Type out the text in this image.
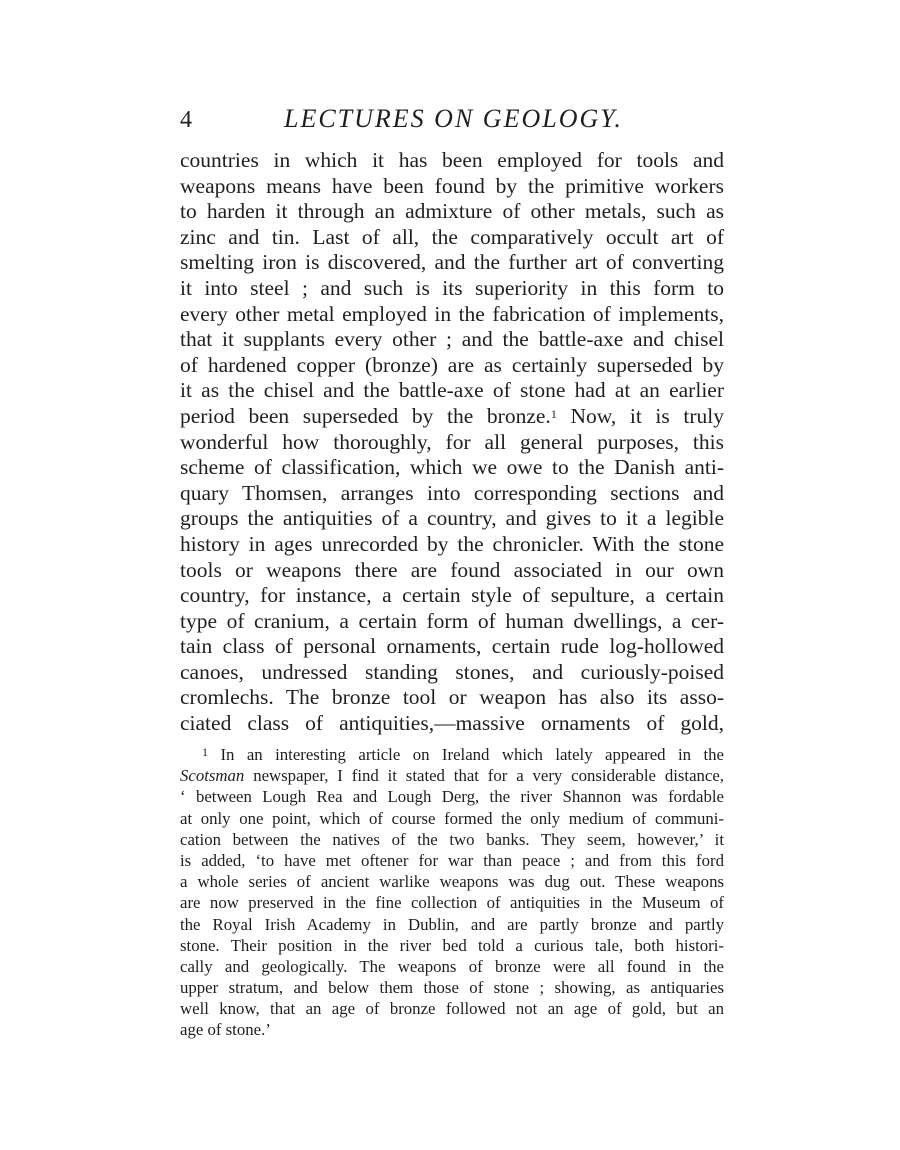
4	LECTURES ON GEOLOGY.
countries in which it has been employed for tools and
weapons means have been found by the primitive workers
to harden it through an admixture of other metals, such as
zinc and tin. Last of all, the comparatively occult art of
smelting iron is discovered, and the further art of converting
it into steel ; and such is its superiority in this form to
every other metal employed in the fabrication of implements,
that it supplants every other ; and the battle-axe and chisel
of hardened copper (bronze) are as certainly superseded by
it as the chisel and the battle-axe of stone had at an earlier
period been superseded by the bronze.$^1$ Now, it is truly
wonderful how thoroughly, for all general purposes, this
scheme of classification, which we owe to the Danish anti-
quary Thomsen, arranges into corresponding sections and
groups the antiquities of a country, and gives to it a legible
history in ages unrecorded by the chronicler. With the stone
tools or weapons there are found associated in our own
country, for instance, a certain style of sepulture, a certain
type of cranium, a certain form of human dwellings, a cer-
tain class of personal ornaments, certain rude log-hollowed
canoes, undressed standing stones, and curiously-poised
cromlechs. The bronze tool or weapon has also its asso-
ciated class of antiquities,—massive ornaments of gold,
$^1$ In an interesting article on Ireland which lately appeared in the
Scotsman newspaper, I find it stated that for a very considerable distance,
‘ between Lough Rea and Lough Derg, the river Shannon was fordable
at only one point, which of course formed the only medium of communi-
cation between the natives of the two banks. They seem, however,’ it
is added, ‘to have met oftener for war than peace ; and from this ford
a whole series of ancient warlike weapons was dug out. These weapons
are now preserved in the fine collection of antiquities in the Museum of
the Royal Irish Academy in Dublin, and are partly bronze and partly
stone. Their position in the river bed told a curious tale, both histori-
cally and geologically. The weapons of bronze were all found in the
upper stratum, and below them those of stone ; showing, as antiquaries
well know, that an age of bronze followed not an age of gold, but an
age of stone.’
